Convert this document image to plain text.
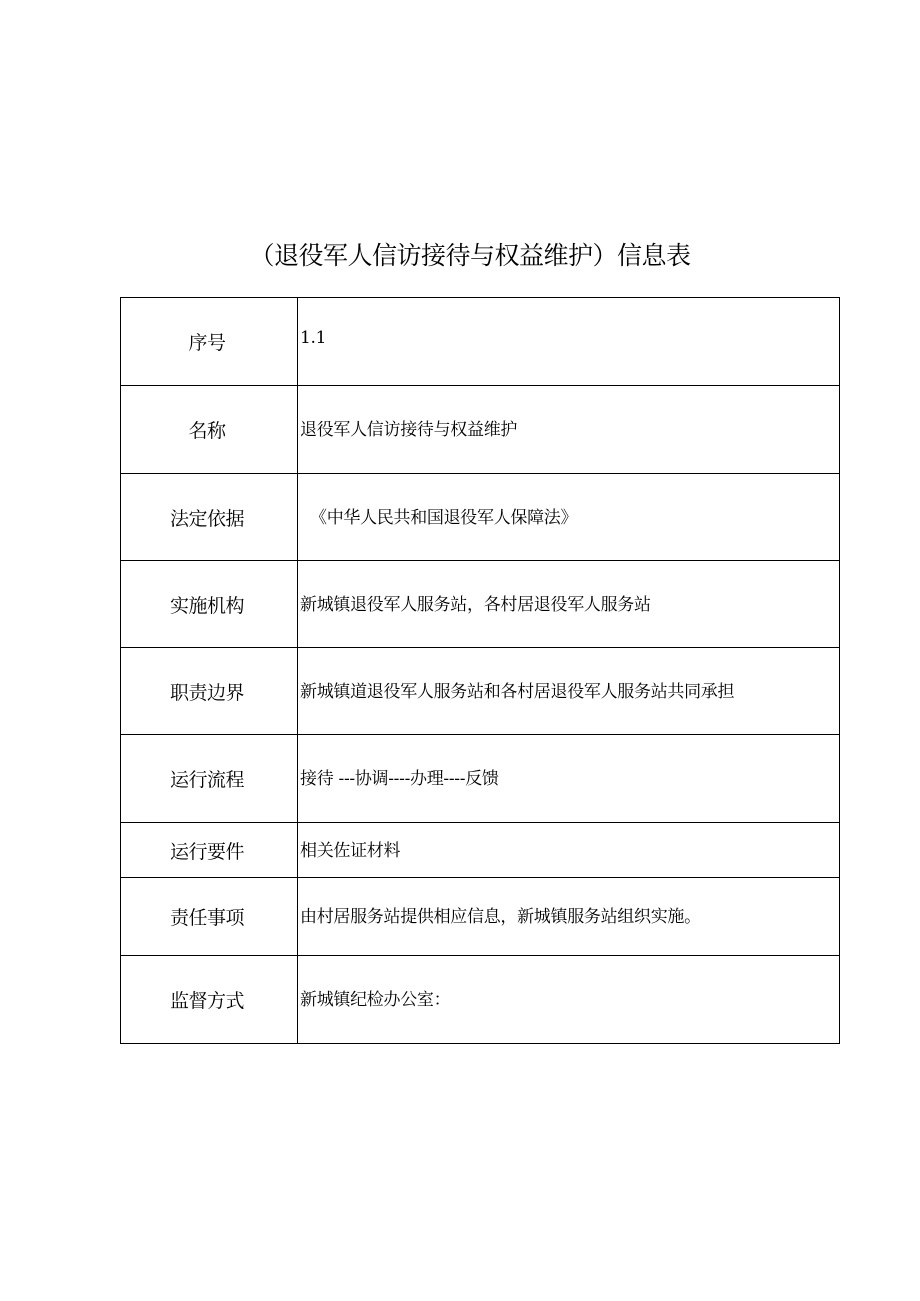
（退役军人信访接待与权益维护）信息表
序号	1.1
名称	退役军人信访接待与权益维护
法定依据	《中华人民共和国退役军人保障法》
实施机构	新城镇退役军人服务站，各村居退役军人服务站
职责边界	新城镇道退役军人服务站和各村居退役军人服务站共同承担
运行流程	接待 ---协调----办理----反馈
运行要件	相关佐证材料
责任事项	由村居服务站提供相应信息，新城镇服务站组织实施。
监督方式	新城镇纪检办公室：
